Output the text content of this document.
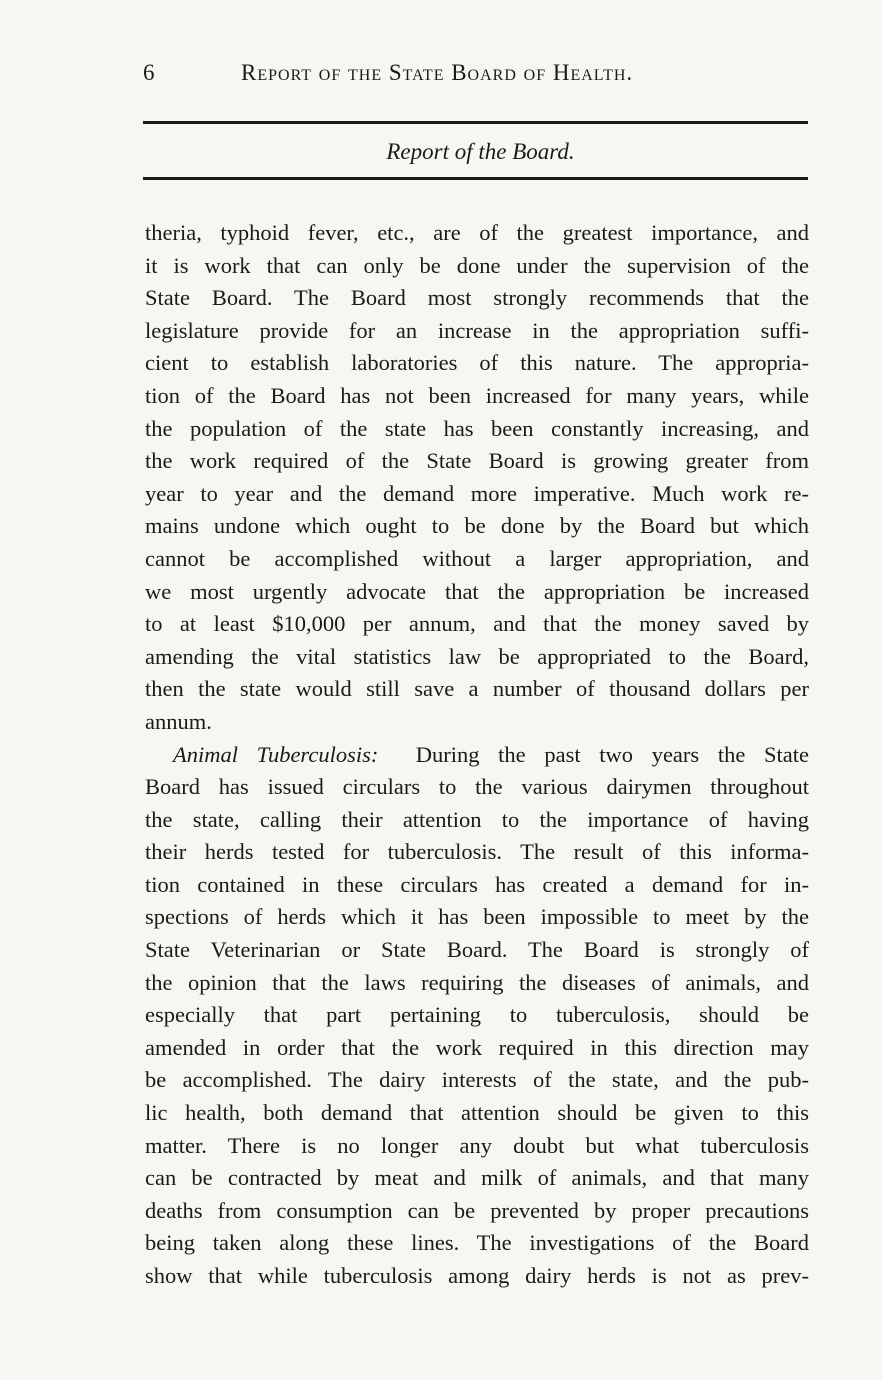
6	Report of the State Board of Health.
Report of the Board.
theria, typhoid fever, etc., are of the greatest importance, and
it is work that can only be done under the supervision of the
State Board. The Board most strongly recommends that the
legislature provide for an increase in the appropriation suffi-
cient to establish laboratories of this nature. The appropria-
tion of the Board has not been increased for many years, while
the population of the state has been constantly increasing, and
the work required of the State Board is growing greater from
year to year and the demand more imperative. Much work re-
mains undone which ought to be done by the Board but which
cannot be accomplished without a larger appropriation, and
we most urgently advocate that the appropriation be increased
to at least $10,000 per annum, and that the money saved by
amending the vital statistics law be appropriated to the Board,
then the state would still save a number of thousand dollars per
annum.
Animal Tuberculosis: During the past two years the State
Board has issued circulars to the various dairymen throughout
the state, calling their attention to the importance of having
their herds tested for tuberculosis. The result of this informa-
tion contained in these circulars has created a demand for in-
spections of herds which it has been impossible to meet by the
State Veterinarian or State Board. The Board is strongly of
the opinion that the laws requiring the diseases of animals, and
especially that part pertaining to tuberculosis, should be
amended in order that the work required in this direction may
be accomplished. The dairy interests of the state, and the pub-
lic health, both demand that attention should be given to this
matter. There is no longer any doubt but what tuberculosis
can be contracted by meat and milk of animals, and that many
deaths from consumption can be prevented by proper precautions
being taken along these lines. The investigations of the Board
show that while tuberculosis among dairy herds is not as prev-
